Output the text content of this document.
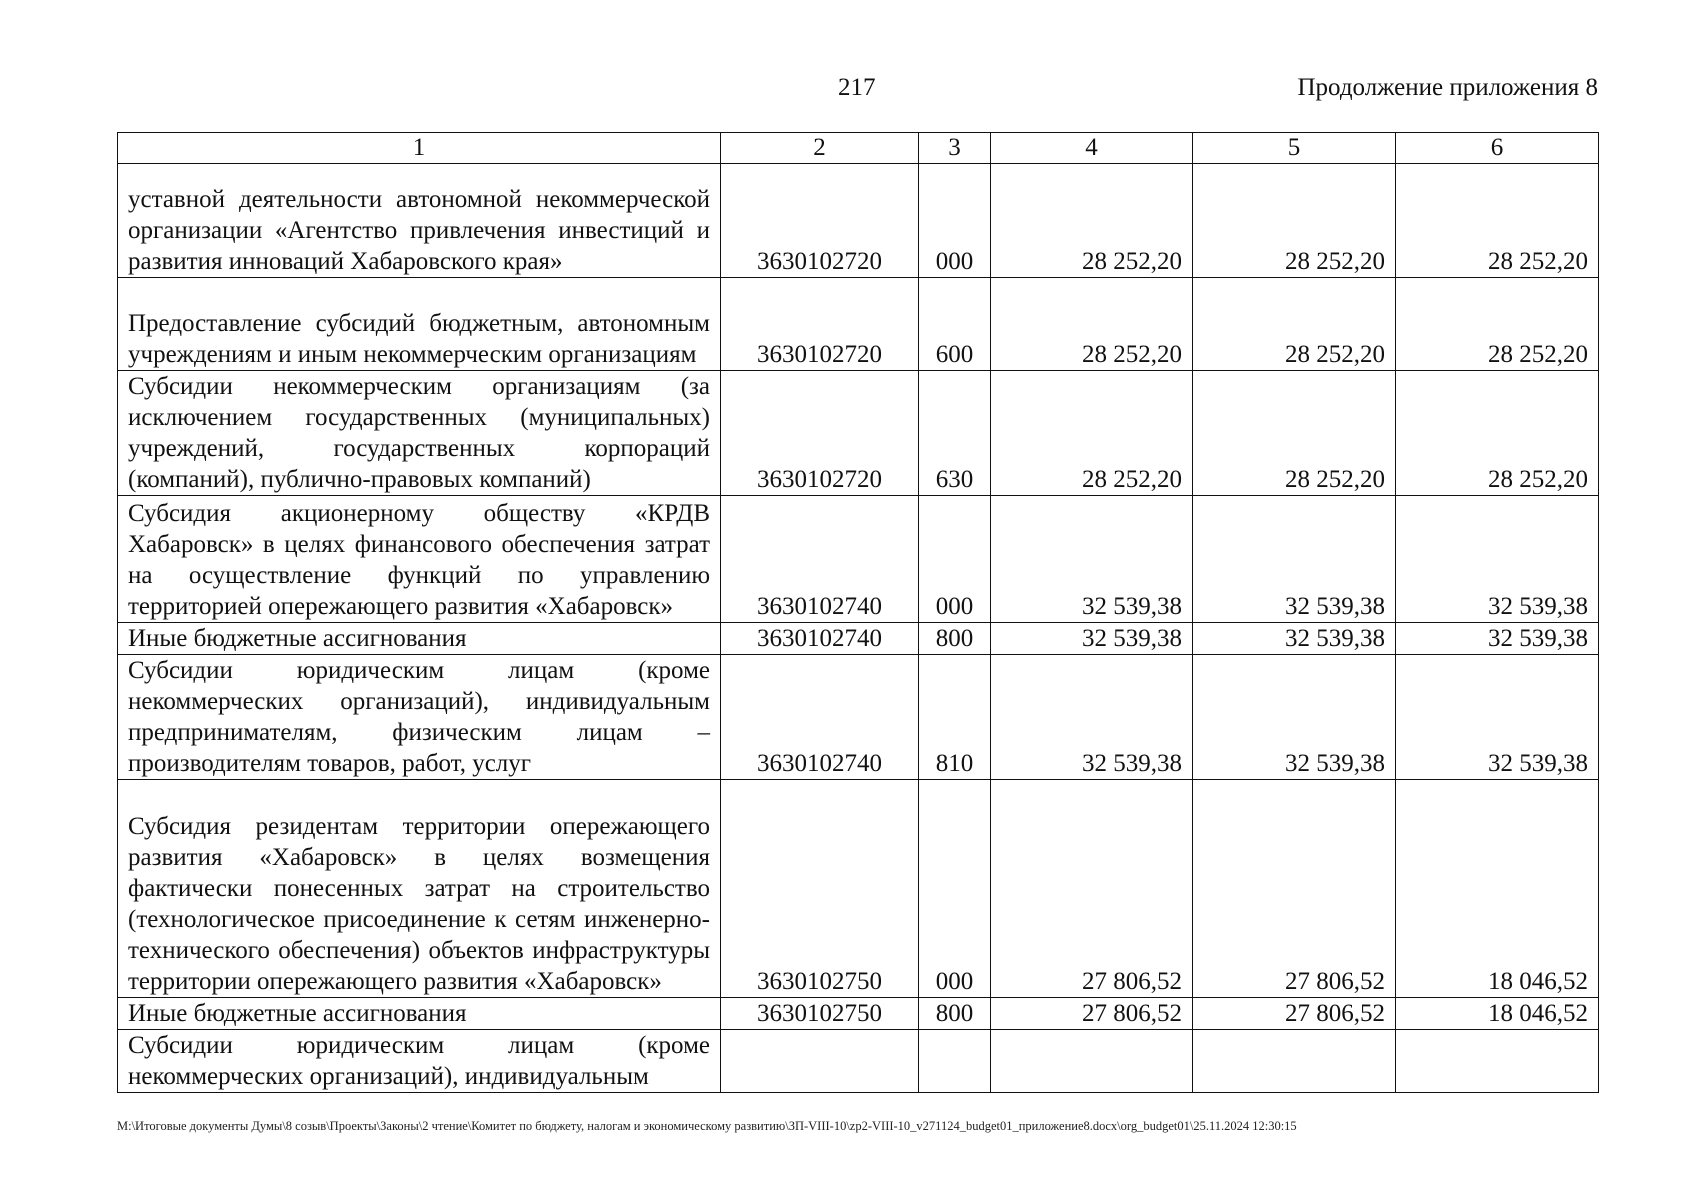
217	Продолжение приложения 8
1	2	3	4	5	6
уставной деятельности автономной некоммерческой организации «Агентство привлечения инвестиций и развития инноваций Хабаровского края»	3630102720	000	28 252,20	28 252,20	28 252,20
Предоставление субсидий бюджетным, автономным учреждениям и иным некоммерческим организациям	3630102720	600	28 252,20	28 252,20	28 252,20
Субсидии некоммерческим организациям (за исключением государственных (муниципальных) учреждений, государственных корпораций (компаний), публично-правовых компаний)	3630102720	630	28 252,20	28 252,20	28 252,20
Субсидия акционерному обществу «КРДВ Хабаровск» в целях финансового обеспечения затрат на осуществление функций по управлению территорией опережающего развития «Хабаровск»	3630102740	000	32 539,38	32 539,38	32 539,38
Иные бюджетные ассигнования	3630102740	800	32 539,38	32 539,38	32 539,38
Субсидии юридическим лицам (кроме некоммерческих организаций), индивидуальным предпринимателям, физическим лицам – производителям товаров, работ, услуг	3630102740	810	32 539,38	32 539,38	32 539,38
Субсидия резидентам территории опережающего развития «Хабаровск» в целях возмещения фактически понесенных затрат на строительство (технологическое присоединение к сетям инженерно-технического обеспечения) объектов инфраструктуры территории опережающего развития «Хабаровск»	3630102750	000	27 806,52	27 806,52	18 046,52
Иные бюджетные ассигнования	3630102750	800	27 806,52	27 806,52	18 046,52
Субсидии юридическим лицам (кроме некоммерческих организаций), индивидуальным					
M:\Итоговые документы Думы\8 созыв\Проекты\Законы\2 чтение\Комитет по бюджету, налогам и экономическому развитию\ЗП-VIII-10\zp2-VIII-10_v271124_budget01_приложение8.docx\org_budget01\25.11.2024 12:30:15
